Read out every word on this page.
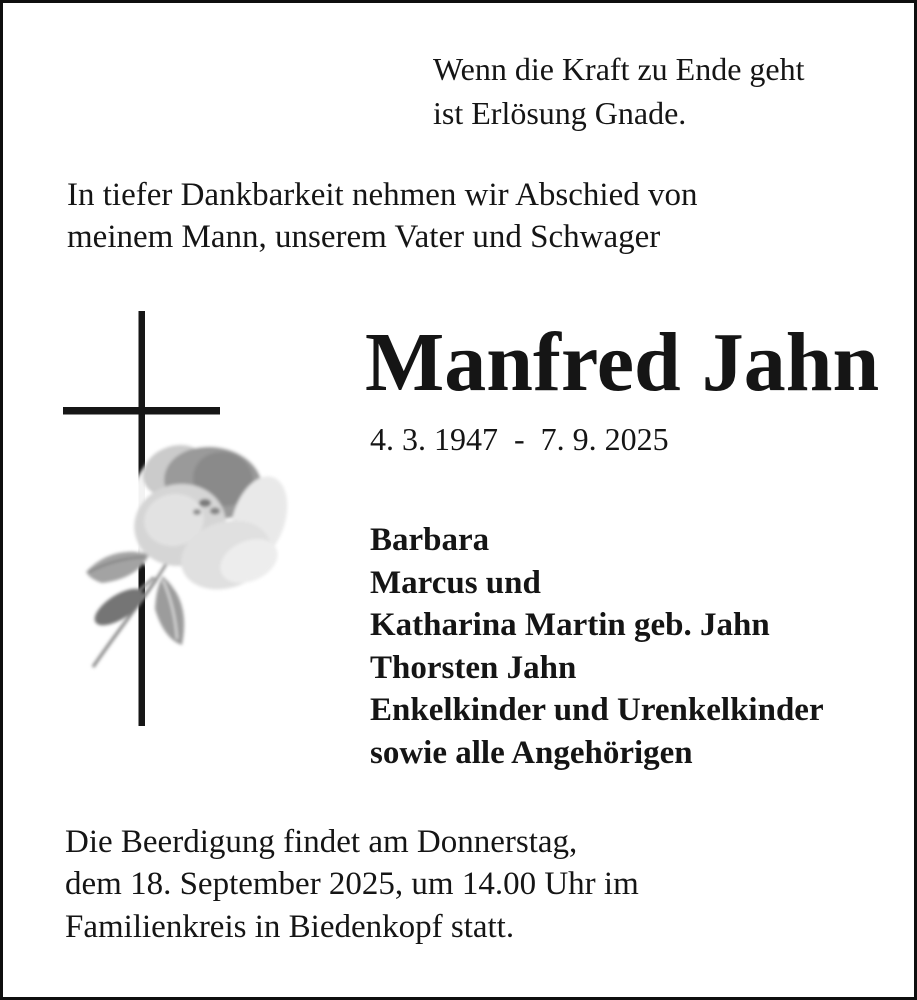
Wenn die Kraft zu Ende geht
ist Erlösung Gnade.
In tiefer Dankbarkeit nehmen wir Abschied von
meinem Mann, unserem Vater und Schwager
Manfred Jahn
4. 3. 1947  -  7. 9. 2025
Barbara
Marcus und
Katharina Martin geb. Jahn
Thorsten Jahn
Enkelkinder und Urenkelkinder
sowie alle Angehörigen
Die Beerdigung findet am Donnerstag,
dem 18. September 2025, um 14.00 Uhr im
Familienkreis in Biedenkopf statt.
